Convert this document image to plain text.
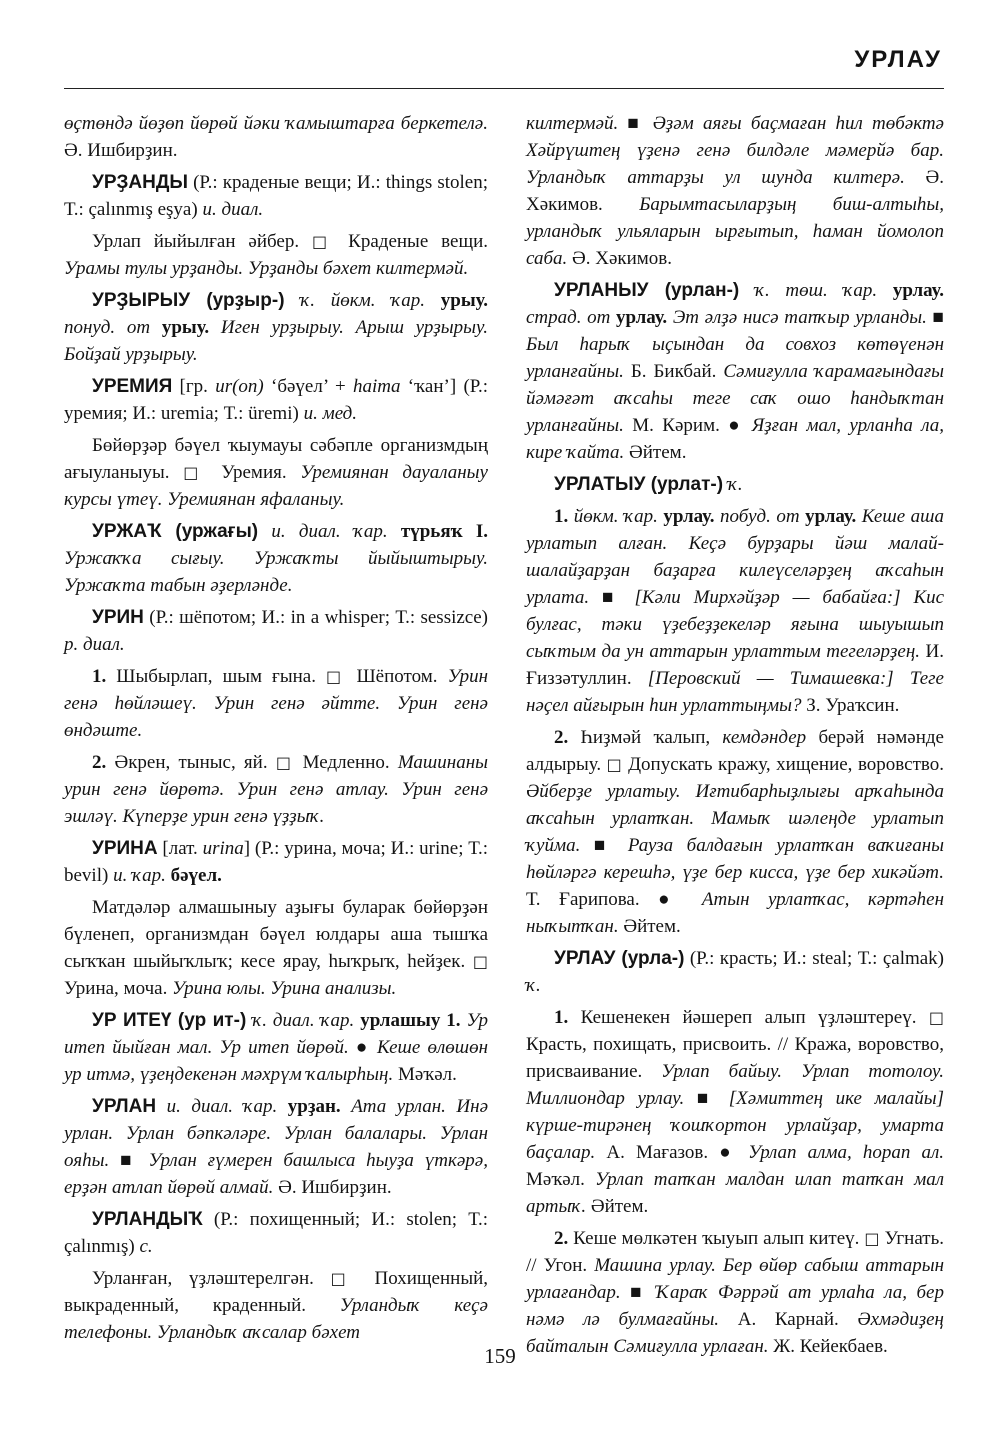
УРЛАУ

өҫтөндә йөҙөп йөрөй йәки ҡамыштарға беркетелә. Ә. Ишбирҙин.

УРҘАНДЫ (Р.: краденые вещи; И.: things stolen; Т.: çalınmış eşya) и. диал.

Урлап йыйылған әйбер. □ Краденые вещи. Урамы тулы урҙанды. Урҙанды бәхет килтермәй.

УРҘЫРЫУ (урҙыр-) ҡ. йөкм. ҡар. урыу. понуд. от урыу. Иген урҙырыу. Арыш урҙырыу. Бойҙай урҙырыу.

УРЕМИЯ [гр. ur(on) ‘бәүел’ + haima ‘ҡан’] (Р.: уремия; И.: uremia; Т.: üremi) и. мед.

Бөйөрҙәр бәүел ҡыумауы сәбәпле организмдың ағыуланыуы. □ Уремия. Уремиянан дауаланыу курсы үтеү. Уремиянан яфаланыу.

УРЖАҠ (уржағы) и. диал. ҡар. түрьяҡ I. Уржаҡҡа сығыу. Уржаҡты йыйыштырыу. Уржаҡта табын әҙерләнде.

УРИН (Р.: шёпотом; И.: in a whisper; Т.: sessizce) р. диал.

1. Шыбырлап, шым ғына. □ Шёпотом. Урин генә һөйләшеү. Урин генә әйтте. Урин генә өндәште.

2. Әкрен, тыныс, яй. □ Медленно. Машинаны урин генә йөрөтә. Урин генә атлау. Урин генә эшләү. Күперҙе урин генә үҙҙыҡ.

УРИНА [лат. urina] (Р.: урина, моча; И.: urine; Т.: bevil) и. ҡар. бәүел.

Матдәләр алмашыныу аҙығы буларак бөйөрҙән бүленеп, организмдан бәүел юлдары аша тышҡа сыҡҡан шыйыҡлыҡ; кесе ярау, һыҡрыҡ, һейҙек. □ Урина, моча. Урина юлы. Урина анализы.

УР ИТЕҮ (ур ит-) ҡ. диал. ҡар. урлашыу 1. Ур итеп йыйған мал. Ур итеп йөрөй. ● Кеше өлөшөн ур итмә, үҙеңдекенән мәхрүм ҡалырһың. Мәҡәл.

УРЛАН и. диал. ҡар. урҙан. Ата урлан. Инә урлан. Урлан бәпкәләре. Урлан балалары. Урлан ояһы. ■ Урлан ғүмерен башлыса һыуҙа үткәрә, ерҙән атлап йөрөй алмай. Ә. Ишбирҙин.

УРЛАНДЫҠ (Р.: похищенный; И.: stolen; Т.: çalınmış) с.

Урланған, үҙләштерелгән. □ Похищенный, выкраденный, краденный. Урландыҡ кеҫә телефоны. Урландыҡ аҡсалар бәхет

килтермәй. ■ Әҙәм аяғы баҫмаған һил төбәктә Хәйрүштең үҙенә генә билдәле мәмерйә бар. Урландыҡ аттарҙы ул шунда килтерә. Ә. Хәкимов. Барымтасыларҙың биш-алтыһы, урландыҡ ульяларын ырғытып, һаман йомолоп саба. Ә. Хәкимов.

УРЛАНЫУ (урлан-) ҡ. төш. ҡар. урлау. страд. от урлау. Эт әлҙә нисә тапҡыр урланды. ■ Был һарыҡ ыҫындан да совхоз көтөүенән урланғайны. Б. Бикбай. Сәмиғулла ҡарамағындағы йәмәғәт аҡсаһы теге саҡ ошо һандыҡтан урланғайны. М. Кәрим. ● Яҙған мал, урланһа ла, кире ҡайта. Әйтем.

УРЛАТЫУ (урлат-) ҡ.

1. йөкм. ҡар. урлау. побуд. от урлау. Кеше аша урлатып алған. Кеҫә бурҙары йәш малай-шалайҙарҙан баҙарға килеүселәрҙең аҡсаһын урлата. ■ [Кәли Мирхәйҙәр — бабайға:] Кис булғас, тәки үҙебеҙҙекеләр яғына шыуышып сыҡтым да ун аттарын урлаттым тегеләрҙең. И. Ғиззәтуллин. [Перовский — Тимашевка:] Теге нәҫел айғырын һин урлаттыңмы? З. Ураҡсин.

2. Һиҙмәй ҡалып, кемдәндер берәй нәмәнде алдырыу. □ Допускать кражу, хищение, воровство. Әйберҙе урлатыу. Иғтибарһыҙлығы арҡаһында аҡсаһын урлатҡан. Мамыҡ шәлеңде урлатып ҡуймa. ■ Рауза балдағын урлатҡан ваҡиғаны һөйләргә керешһә, үҙе бер кисса, үҙе бер хикәйәт. Т. Ғарипова. ● Атын урлатҡас, кәртәһен ныҡытҡан. Әйтем.

УРЛАУ (урла-) (Р.: красть; И.: steal; Т.: çalmak) ҡ.

1. Кешенекен йәшереп алып үҙләштереү. □ Красть, похищать, присвоить. // Кража, воровство, присваивание. Урлап байыу. Урлап тотолоу. Миллиондар урлау. ■ [Хәмиттең ике малайы] күрше-тирәнең ҡошҡортон урлайҙар, умарта баҫалар. А. Мағазов. ● Урлап алма, һорап ал. Мәҡәл. Урлап тапҡан малдан илап тапҡан мал артыҡ. Әйтем.

2. Кеше мөлкәтен ҡыуып алып китеү. □ Угнать. // Угон. Машина урлау. Бер өйөр сабыш аттарын урлағандар. ■ Ҡараҡ Фәррәй ат урлаһа ла, бер нәмә лә булмағайны. А. Карнай. Әхмәдиҙең байталын Сәмиғулла урлаған. Ж. Кейекбаев.

159
